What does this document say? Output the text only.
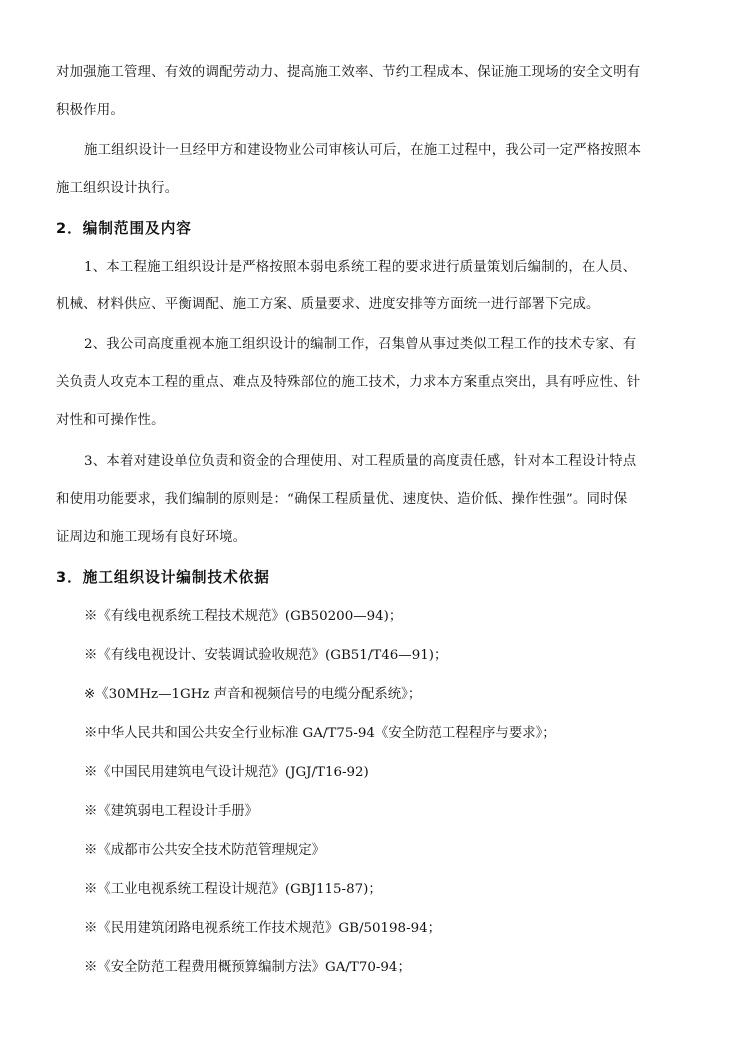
对加强施工管理、有效的调配劳动力、提高施工效率、节约工程成本、保证施工现场的安全文明有
积极作用。
施工组织设计一旦经甲方和建设物业公司审核认可后，在施工过程中，我公司一定严格按照本
施工组织设计执行。
2．编制范围及内容
1、本工程施工组织设计是严格按照本弱电系统工程的要求进行质量策划后编制的，在人员、
机械、材料供应、平衡调配、施工方案、质量要求、进度安排等方面统一进行部署下完成。
2、我公司高度重视本施工组织设计的编制工作，召集曾从事过类似工程工作的技术专家、有
关负责人攻克本工程的重点、难点及特殊部位的施工技术，力求本方案重点突出，具有呼应性、针
对性和可操作性。
3、本着对建设单位负责和资金的合理使用、对工程质量的高度责任感，针对本工程设计特点
和使用功能要求，我们编制的原则是：“确保工程质量优、速度快、造价低、操作性强”。同时保
证周边和施工现场有良好环境。
3．施工组织设计编制技术依据
※《有线电视系统工程技术规范》(GB50200—94)；
※《有线电视设计、安装调试验收规范》(GB51/T46—91)；
※《30MHz—1GHz 声音和视频信号的电缆分配系统》；
※中华人民共和国公共安全行业标准 GA/T75-94《安全防范工程程序与要求》；
※《中国民用建筑电气设计规范》(JGJ/T16-92)
※《建筑弱电工程设计手册》
※《成都市公共安全技术防范管理规定》
※《工业电视系统工程设计规范》(GBJ115-87)；
※《民用建筑闭路电视系统工作技术规范》GB/50198-94；
※《安全防范工程费用概预算编制方法》GA/T70-94；
